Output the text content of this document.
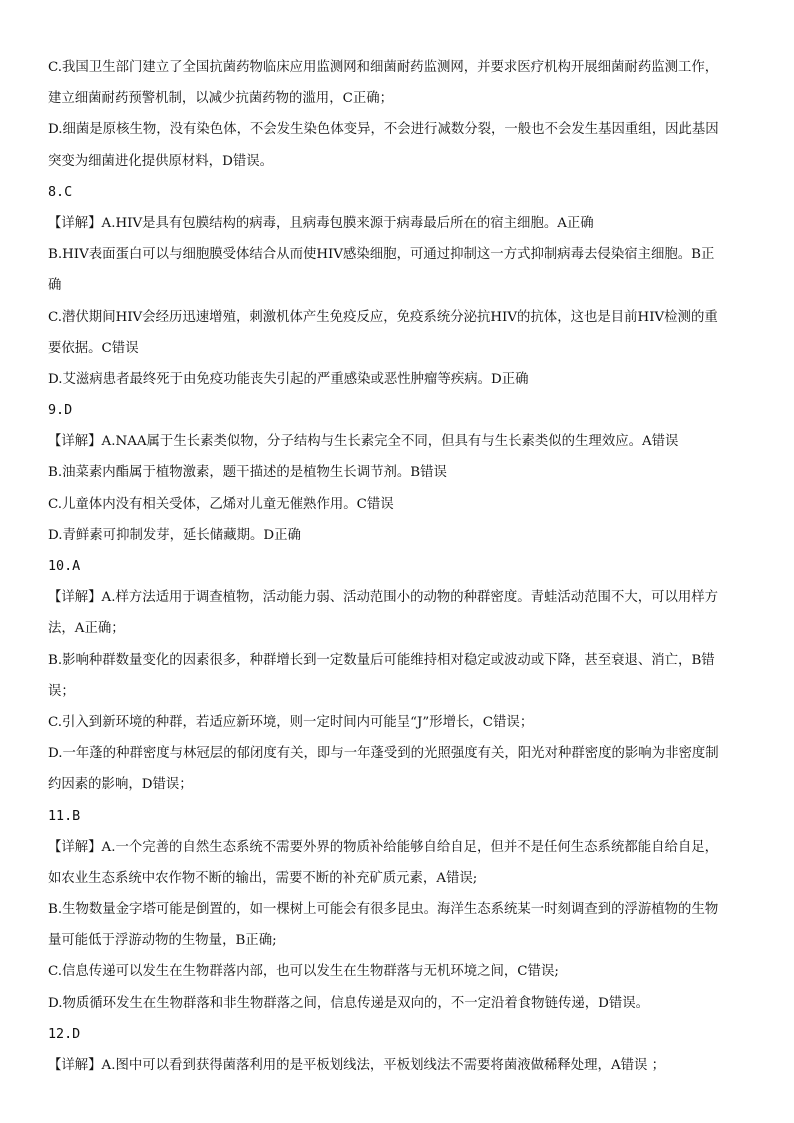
C.我国卫生部门建立了全国抗菌药物临床应用监测网和细菌耐药监测网，并要求医疗机构开展细菌耐药监测工作，

建立细菌耐药预警机制，以减少抗菌药物的滥用，C正确；

D.细菌是原核生物，没有染色体，不会发生染色体变异，不会进行减数分裂，一般也不会发生基因重组，因此基因

突变为细菌进化提供原材料，D错误。

8.C

【详解】A.HIV是具有包膜结构的病毒，且病毒包膜来源于病毒最后所在的宿主细胞。A正确

B.HIV表面蛋白可以与细胞膜受体结合从而使HIV感染细胞，可通过抑制这一方式抑制病毒去侵染宿主细胞。B正

确

C.潜伏期间HIV会经历迅速增殖，刺激机体产生免疫反应，免疫系统分泌抗HIV的抗体，这也是目前HIV检测的重

要依据。C错误

D.艾滋病患者最终死于由免疫功能丧失引起的严重感染或恶性肿瘤等疾病。D正确

9.D

【详解】A.NAA属于生长素类似物，分子结构与生长素完全不同，但具有与生长素类似的生理效应。A错误

B.油菜素内酯属于植物激素，题干描述的是植物生长调节剂。B错误

C.儿童体内没有相关受体，乙烯对儿童无催熟作用。C错误

D.青鲜素可抑制发芽，延长储藏期。D正确

10.A

【详解】A.样方法适用于调查植物，活动能力弱、活动范围小的动物的种群密度。青蛙活动范围不大，可以用样方

法，A正确；

B.影响种群数量变化的因素很多，种群增长到一定数量后可能维持相对稳定或波动或下降，甚至衰退、消亡，B错

误；

C.引入到新环境的种群，若适应新环境，则一定时间内可能呈“J”形增长，C错误；

D.一年蓬的种群密度与林冠层的郁闭度有关，即与一年蓬受到的光照强度有关，阳光对种群密度的影响为非密度制

约因素的影响，D错误；

11.B

【详解】A.一个完善的自然生态系统不需要外界的物质补给能够自给自足，但并不是任何生态系统都能自给自足，

如农业生态系统中农作物不断的输出，需要不断的补充矿质元素，A错误;

B.生物数量金字塔可能是倒置的，如一棵树上可能会有很多昆虫。海洋生态系统某一时刻调查到的浮游植物的生物

量可能低于浮游动物的生物量，B正确;

C.信息传递可以发生在生物群落内部，也可以发生在生物群落与无机环境之间，C错误;

D.物质循环发生在生物群落和非生物群落之间，信息传递是双向的，不一定沿着食物链传递，D错误。

12.D

【详解】A.图中可以看到获得菌落利用的是平板划线法，平板划线法不需要将菌液做稀释处理，A错误 ；
